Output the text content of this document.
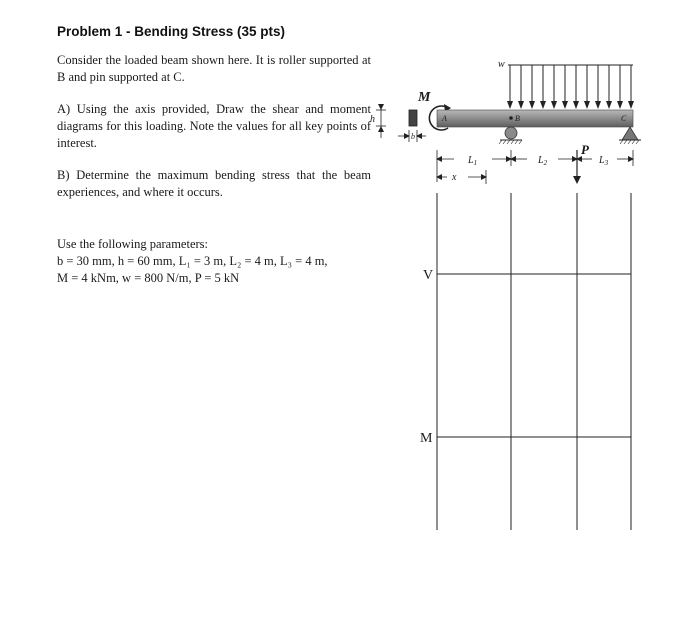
Problem 1 - Bending Stress (35 pts)
Consider the loaded beam shown here. It is roller supported at B and pin supported at C.
A) Using the axis provided, Draw the shear and moment diagrams for this loading. Note the values for all key points of interest.
B) Determine the maximum bending stress that the beam experiences, and where it occurs.
Use the following parameters:
b = 30 mm, h = 60 mm, L₁ = 3 m, L₂ = 4 m, L₃ = 4 m,
M = 4 kNm, w = 800 N/m, P = 5 kN
h
b
M
A	B	C
w
P
$L_1$	$L_2$	$L_3$
x
V
M
